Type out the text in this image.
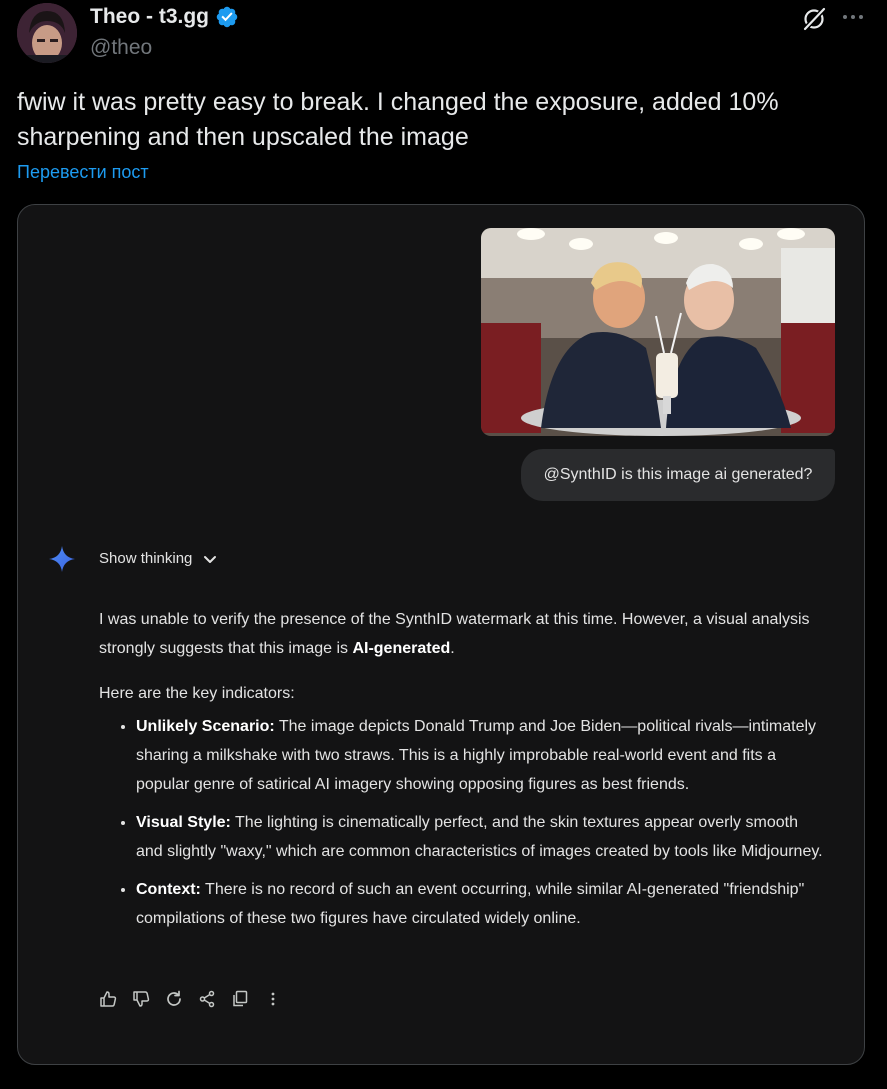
Theo - t3.gg
@theo
fwiw it was pretty easy to break. I changed the exposure, added 10% sharpening and then upscaled the image
Перевести пост
@SynthID is this image ai generated?
Show thinking

I was unable to verify the presence of the SynthID watermark at this time. However, a visual analysis strongly suggests that this image is AI-generated.

Here are the key indicators:

• Unlikely Scenario: The image depicts Donald Trump and Joe Biden—political rivals—intimately sharing a milkshake with two straws. This is a highly improbable real-world event and fits a popular genre of satirical AI imagery showing opposing figures as best friends.
• Visual Style: The lighting is cinematically perfect, and the skin textures appear overly smooth and slightly "waxy," which are common characteristics of images created by tools like Midjourney.
• Context: There is no record of such an event occurring, while similar AI-generated "friendship" compilations of these two figures have circulated widely online.
